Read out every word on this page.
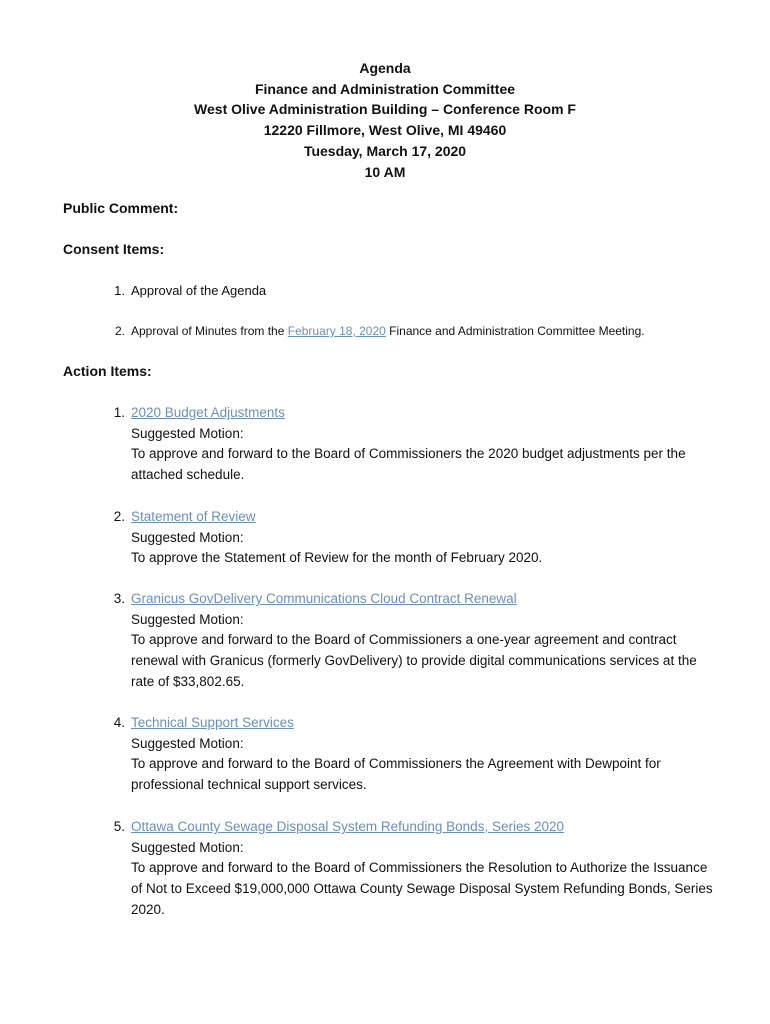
Agenda
Finance and Administration Committee
West Olive Administration Building – Conference Room F
12220 Fillmore, West Olive, MI 49460
Tuesday, March 17, 2020
10 AM
Public Comment:
Consent Items:
1. Approval of the Agenda
2. Approval of Minutes from the February 18, 2020 Finance and Administration Committee Meeting.
Action Items:
1. 2020 Budget Adjustments
Suggested Motion:
To approve and forward to the Board of Commissioners the 2020 budget adjustments per the attached schedule.
2. Statement of Review
Suggested Motion:
To approve the Statement of Review for the month of February 2020.
3. Granicus GovDelivery Communications Cloud Contract Renewal
Suggested Motion:
To approve and forward to the Board of Commissioners a one-year agreement and contract renewal with Granicus (formerly GovDelivery) to provide digital communications services at the rate of $33,802.65.
4. Technical Support Services
Suggested Motion:
To approve and forward to the Board of Commissioners the Agreement with Dewpoint for professional technical support services.
5. Ottawa County Sewage Disposal System Refunding Bonds, Series 2020
Suggested Motion:
To approve and forward to the Board of Commissioners the Resolution to Authorize the Issuance of Not to Exceed $19,000,000 Ottawa County Sewage Disposal System Refunding Bonds, Series 2020.
